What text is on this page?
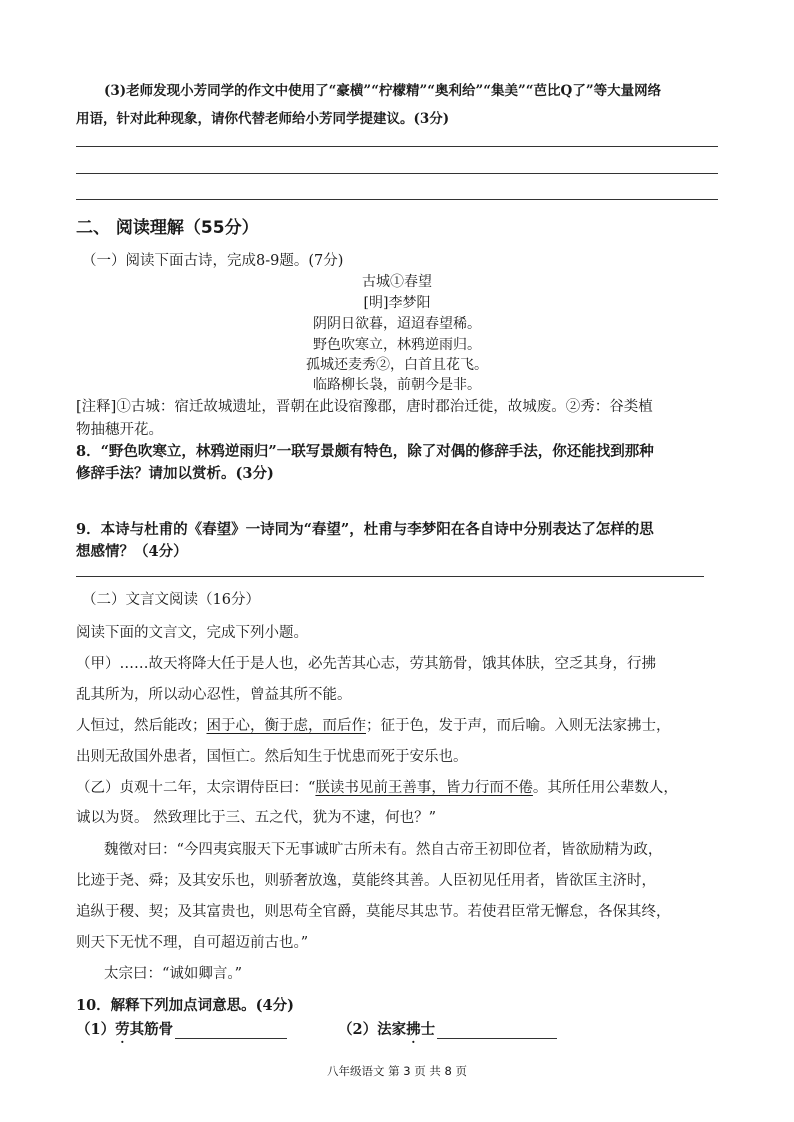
(3)老师发现小芳同学的作文中使用了“豪横”“柠檬精”“奥利给”“集美”“芭比Q了”等大量网络
用语，针对此种现象，请你代替老师给小芳同学提建议。(3分)
二、 阅读理解（55分）
（一）阅读下面古诗，完成8-9题。(7分)
古城①春望
[明]李梦阳
阴阴日欲暮，迢迢春望稀。
野色吹寒立，林鸦逆雨归。
孤城还麦秀②，白首且花飞。
临路柳长袅，前朝今是非。
[注释]①古城：宿迁故城遗址，晋朝在此设宿豫郡，唐时郡治迁徙，故城废。②秀：谷类植
物抽穗开花。
8．“野色吹寒立，林鸦逆雨归”一联写景颇有特色，除了对偶的修辞手法，你还能找到那种
修辞手法？请加以赏析。(3分)
9．本诗与杜甫的《春望》一诗同为“春望”，杜甫与李梦阳在各自诗中分别表达了怎样的思
想感情？（4分）
（二）文言文阅读（16分）
阅读下面的文言文，完成下列小题。
（甲）……故天将降大任于是人也，必先苦其心志，劳其筋骨，饿其体肤，空乏其身，行拂
乱其所为，所以动心忍性，曾益其所不能。
人恒过，然后能改；困于心，衡于虑，而后作；征于色，发于声，而后喻。入则无法家拂士，
出则无敌国外患者，国恒亡。然后知生于忧患而死于安乐也。
（乙）贞观十二年，太宗谓侍臣曰：“朕读书见前王善事，皆力行而不倦。其所任用公辈数人，
诚以为贤。 然致理比于三、五之代，犹为不逮，何也？”
魏徵对曰：“今四夷宾服天下无事诚旷古所未有。然自古帝王初即位者，皆欲励精为政，
比迹于尧、舜；及其安乐也，则骄奢放逸，莫能终其善。人臣初见任用者，皆欲匡主济时，
追纵于稷、契；及其富贵也，则思苟全官爵，莫能尽其忠节。若使君臣常无懈怠，各保其终，
则天下无忧不理，自可超迈前古也。”
太宗曰：“诚如卿言。”
10．解释下列加点词意思。(4分)
（1）劳其筋骨	（2）法家拂士
八年级语文 第 3 页 共 8 页
